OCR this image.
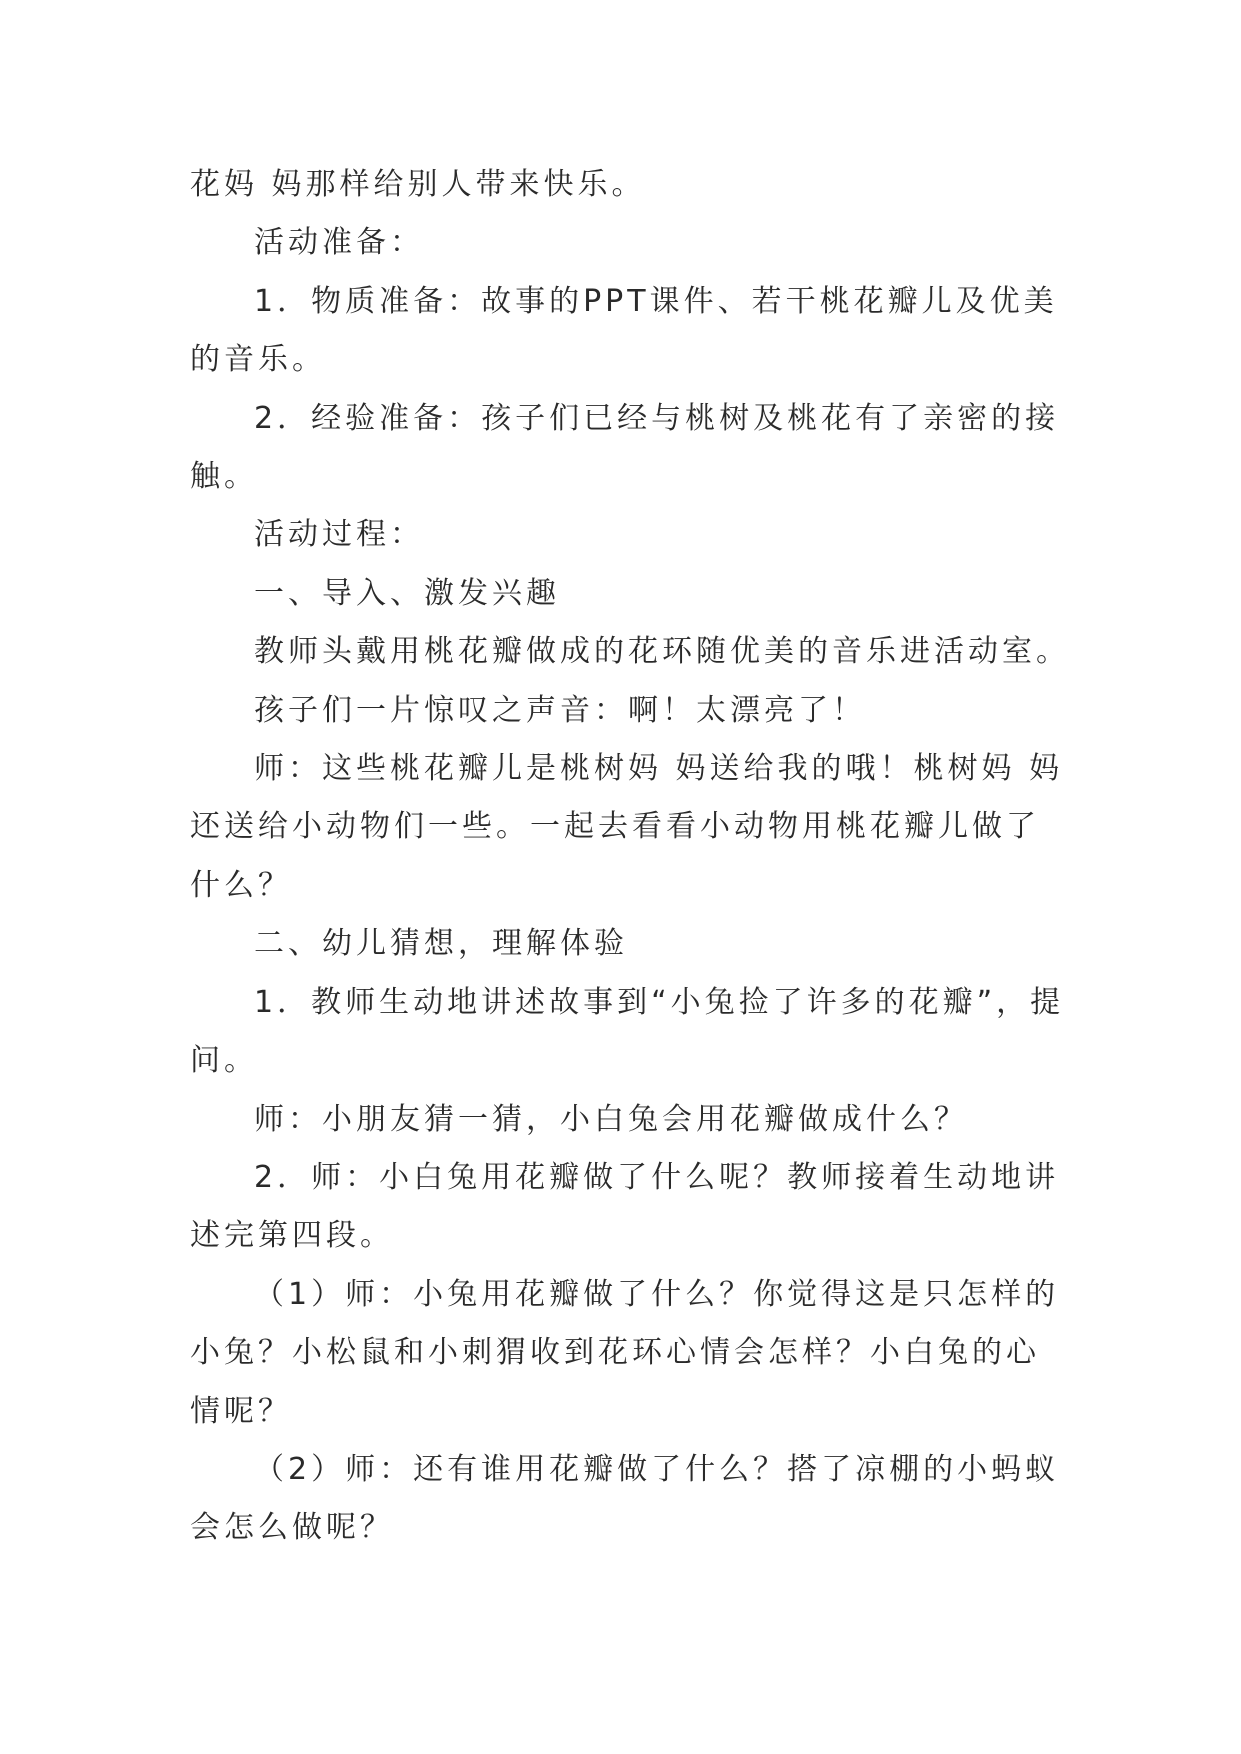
花妈 妈那样给别人带来快乐。

活动准备：

1．物质准备：故事的PPT课件、若干桃花瓣儿及优美的音乐。

2．经验准备：孩子们已经与桃树及桃花有了亲密的接触。

活动过程：

一、导入、激发兴趣

教师头戴用桃花瓣做成的花环随优美的音乐进活动室。

孩子们一片惊叹之声音：啊！太漂亮了！

师：这些桃花瓣儿是桃树妈 妈送给我的哦！桃树妈 妈还送给小动物们一些。一起去看看小动物用桃花瓣儿做了什么？

二、幼儿猜想，理解体验

1．教师生动地讲述故事到“小兔捡了许多的花瓣”，提问。

师：小朋友猜一猜，小白兔会用花瓣做成什么？

2．师：小白兔用花瓣做了什么呢？教师接着生动地讲述完第四段。

（1）师：小兔用花瓣做了什么？你觉得这是只怎样的小兔？小松鼠和小刺猬收到花环心情会怎样？小白兔的心情呢？

（2）师：还有谁用花瓣做了什么？搭了凉棚的小蚂蚁会怎么做呢？
